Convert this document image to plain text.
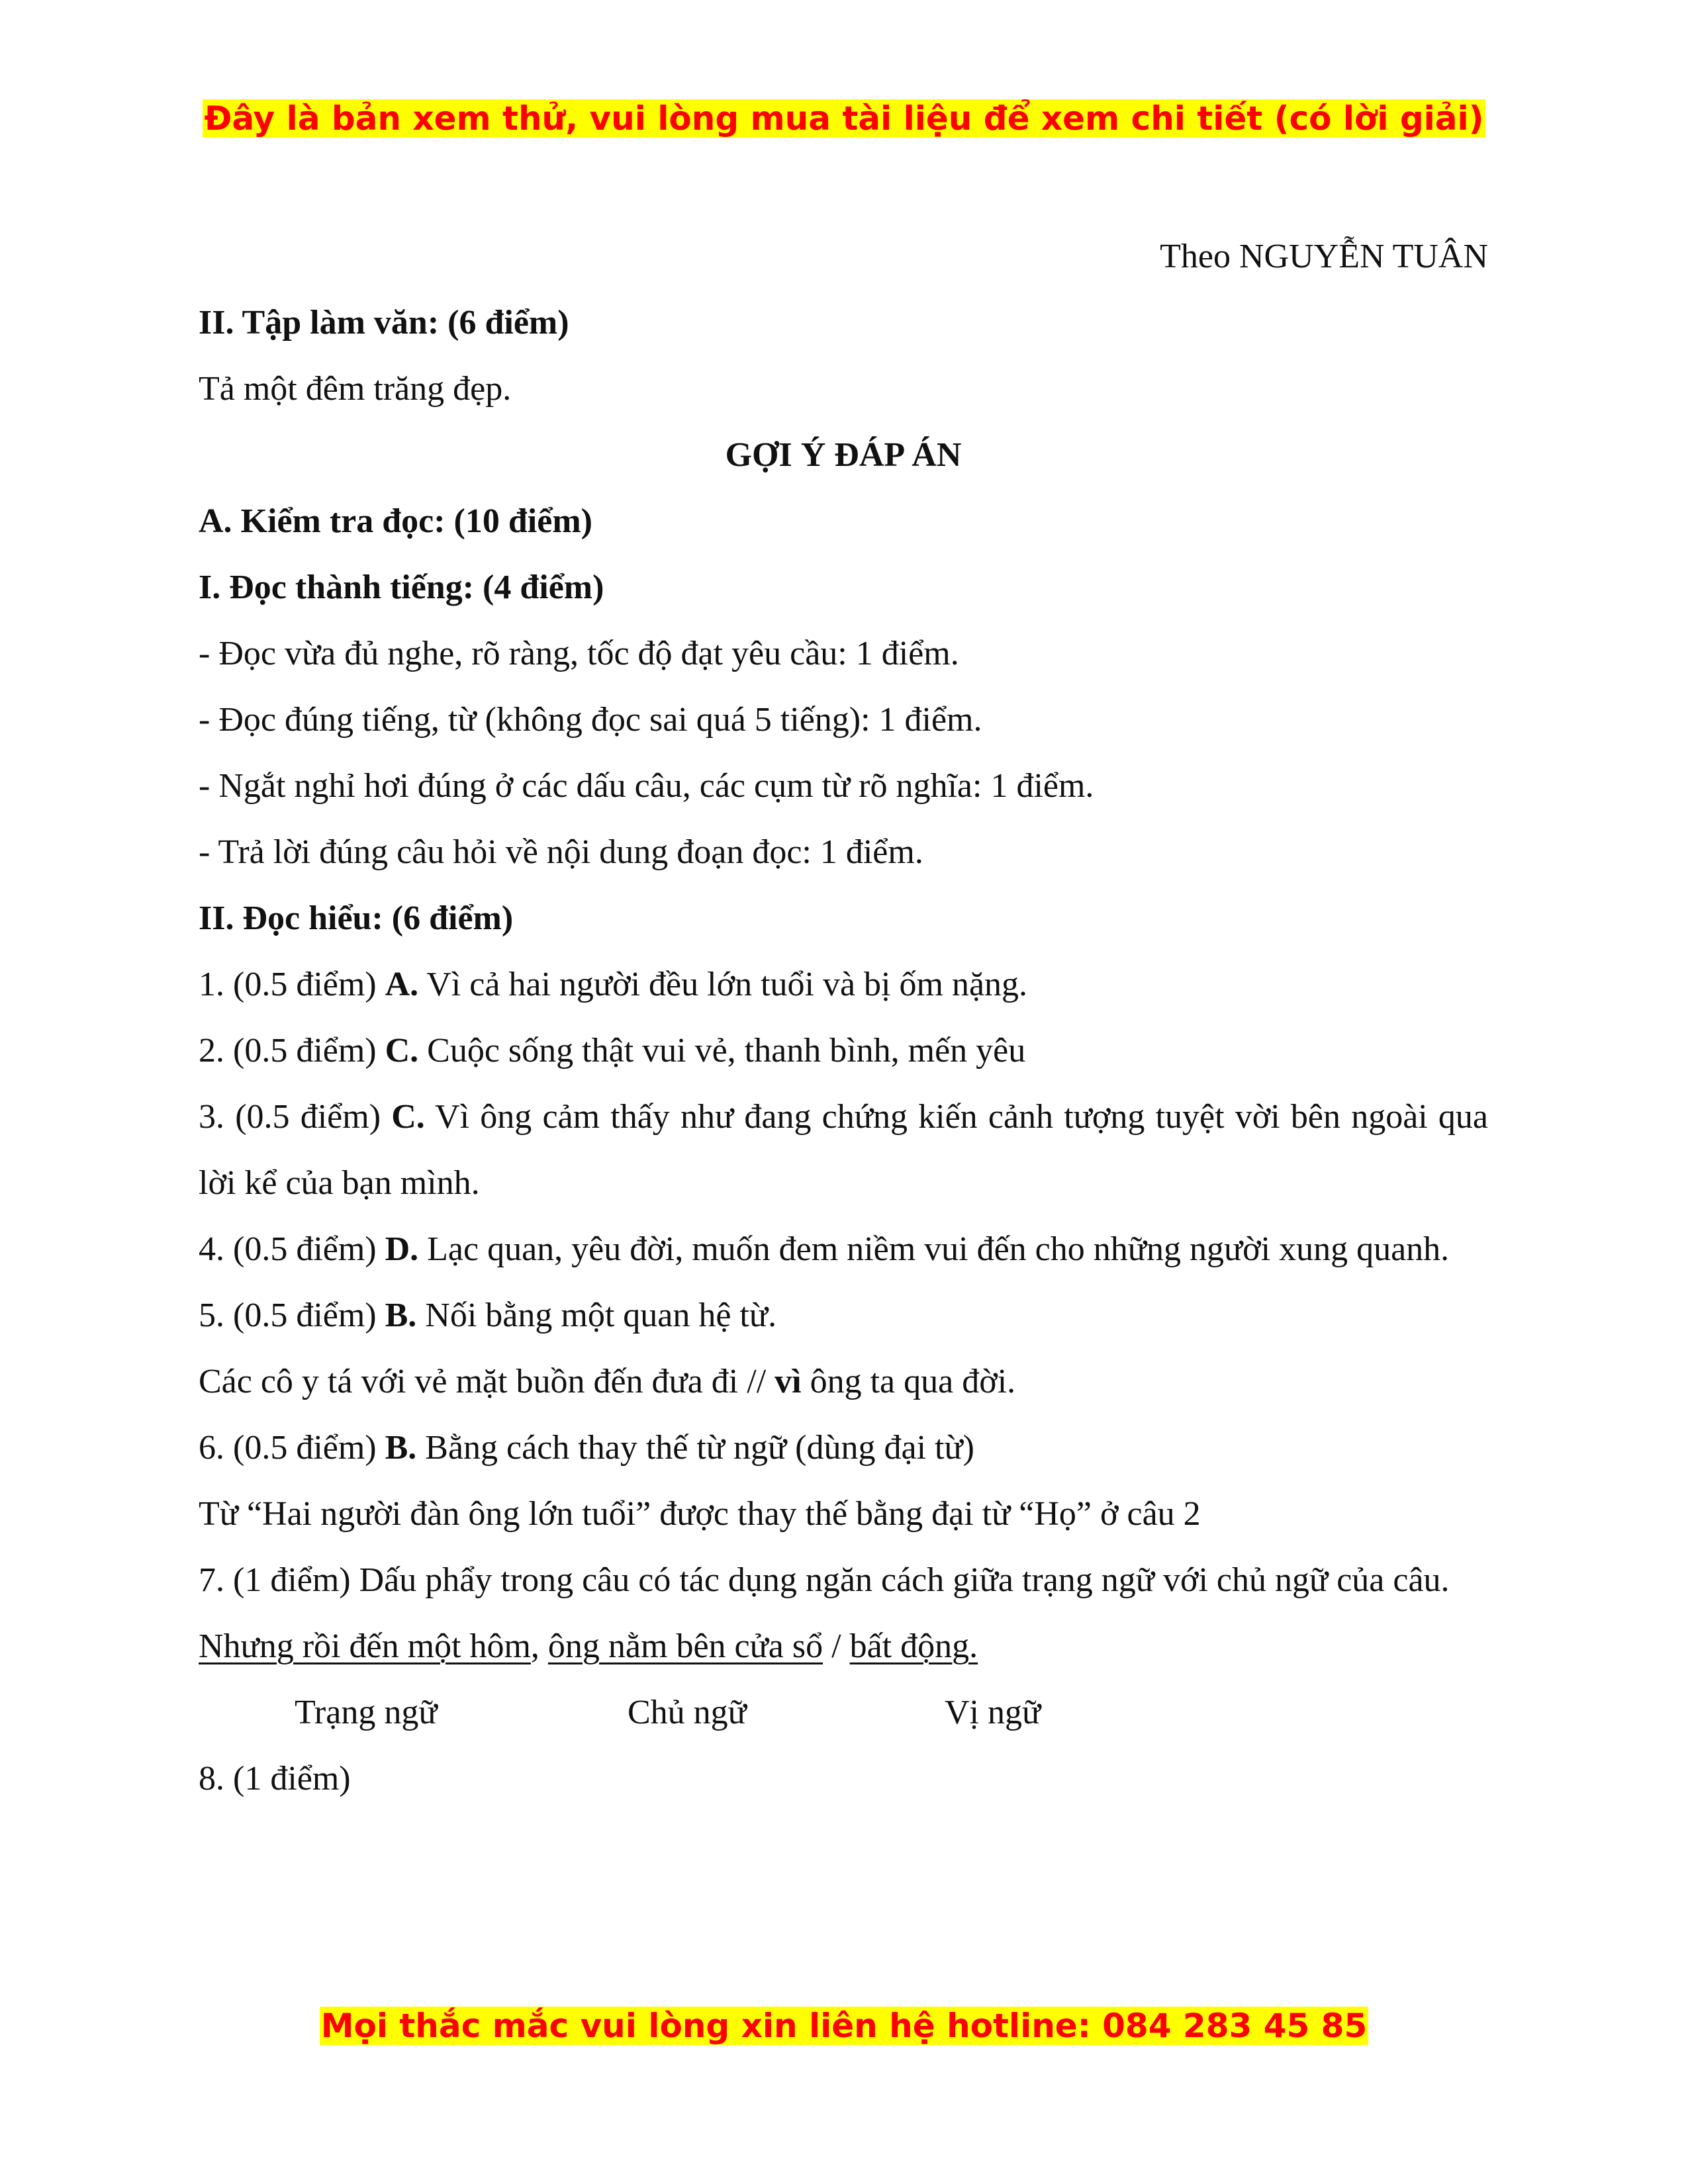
Đây là bản xem thử, vui lòng mua tài liệu để xem chi tiết (có lời giải)

Theo NGUYỄN TUÂN

II. Tập làm văn: (6 điểm)

Tả một đêm trăng đẹp.

GỢI Ý ĐÁP ÁN

A. Kiểm tra đọc: (10 điểm)

I. Đọc thành tiếng: (4 điểm)

- Đọc vừa đủ nghe, rõ ràng, tốc độ đạt yêu cầu: 1 điểm.

- Đọc đúng tiếng, từ (không đọc sai quá 5 tiếng): 1 điểm.

- Ngắt nghỉ hơi đúng ở các dấu câu, các cụm từ rõ nghĩa: 1 điểm.

- Trả lời đúng câu hỏi về nội dung đoạn đọc: 1 điểm.

II. Đọc hiểu: (6 điểm)

1. (0.5 điểm) A. Vì cả hai người đều lớn tuổi và bị ốm nặng.

2. (0.5 điểm) C. Cuộc sống thật vui vẻ, thanh bình, mến yêu

3. (0.5 điểm) C. Vì ông cảm thấy như đang chứng kiến cảnh tượng tuyệt vời bên ngoài qua lời kể của bạn mình.

4. (0.5 điểm) D. Lạc quan, yêu đời, muốn đem niềm vui đến cho những người xung quanh.

5. (0.5 điểm) B. Nối bằng một quan hệ từ.

Các cô y tá với vẻ mặt buồn đến đưa đi // vì ông ta qua đời.

6. (0.5 điểm) B. Bằng cách thay thế từ ngữ (dùng đại từ)

Từ “Hai người đàn ông lớn tuổi” được thay thế bằng đại từ “Họ” ở câu 2

7. (1 điểm) Dấu phẩy trong câu có tác dụng ngăn cách giữa trạng ngữ với chủ ngữ của câu.

Nhưng rồi đến một hôm, ông nằm bên cửa sổ / bất động.

Trạng ngữ	Chủ ngữ	Vị ngữ

8. (1 điểm)

Mọi thắc mắc vui lòng xin liên hệ hotline: 084 283 45 85
